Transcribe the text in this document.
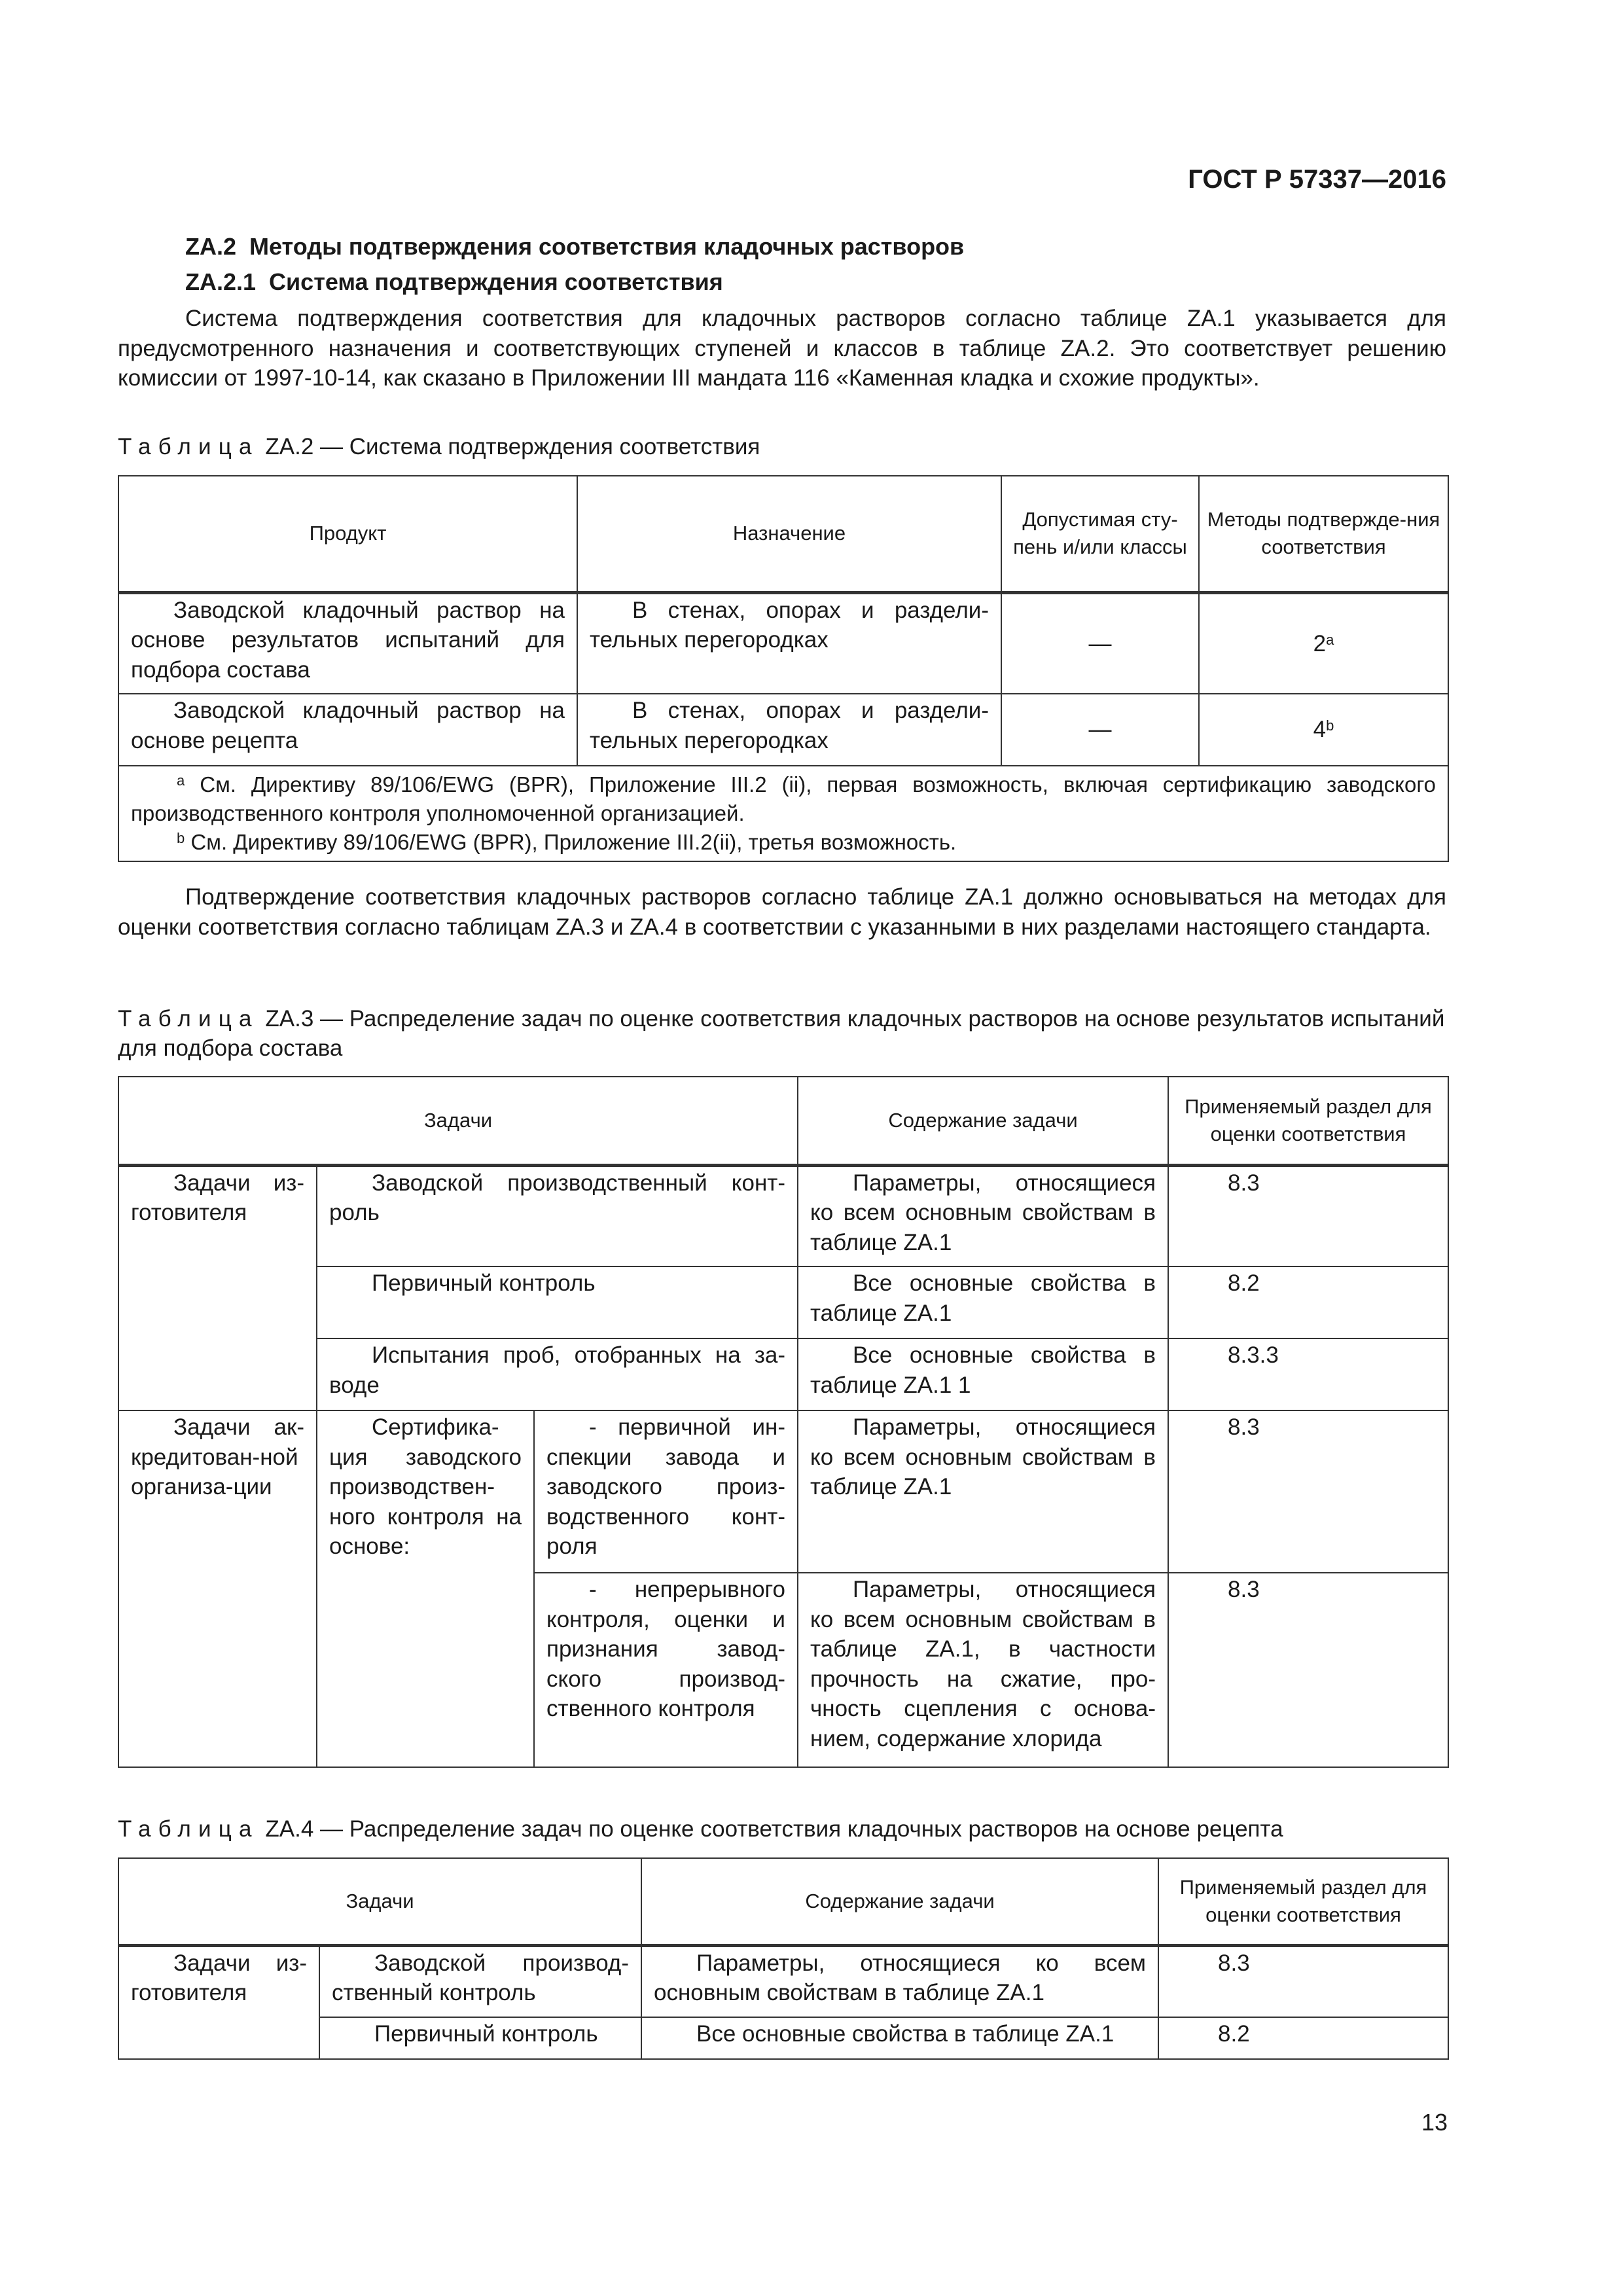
ГОСТ Р 57337—2016
ZA.2  Методы подтверждения соответствия кладочных растворов
ZA.2.1  Система подтверждения соответствия
Система подтверждения соответствия для кладочных растворов согласно таблице ZA.1 указывается для предусмотренного назначения и соответствующих ступеней и классов в таблице ZA.2. Это соответствует решению комиссии от 1997-10-14, как сказано в Приложении III мандата 116 «Каменная кладка и схожие продукты».
Таблица ZA.2 — Система подтверждения соответствия
Продукт	Назначение	Допустимая сту-пень и/или классы	Методы подтвержде-ния соответствия
Заводской кладочный раствор на основе результатов испытаний для подбора состава	В стенах, опорах и раздели-тельных перегородках	—	2$^a$
Заводской кладочный раствор на основе рецепта	В стенах, опорах и раздели-тельных перегородках	—	4$^b$

$^a$ См. Директиву 89/106/EWG (BPR), Приложение III.2 (ii), первая возможность, включая сертификацию заводского производственного контроля уполномоченной организацией.
$^b$ См. Директиву 89/106/EWG (BPR), Приложение III.2(ii), третья возможность.			
Подтверждение соответствия кладочных растворов согласно таблице ZA.1 должно основываться на методах для оценки соответствия согласно таблицам ZA.3 и ZA.4 в соответствии с указанными в них разделами настоящего стандарта.
Таблица ZA.3 — Распределение задач по оценке соответствия кладочных растворов на основе результатов испытаний для подбора состава
Задачи			Содержание задачи	Применяемый раздел для оценки соответствия
Задачи из-готовителя	Заводской производственный конт-роль		Параметры, относящиеся ко всем основным свойствам в таблице ZA.1	8.3
	Первичный контроль		Все основные свойства в таблице ZA.1	8.2
	Испытания проб, отобранных на за-воде		Все основные свойства в таблице ZA.1 1	8.3.3
Задачи ак-кредитован-ной организа-ции	Сертифика-ция заводского производствен-ного контроля на основе:	- первичной ин-спекции завода и заводского произ-водственного конт-роля	Параметры, относящиеся ко всем основным свойствам в таблице ZA.1	8.3
		- непрерывного контроля, оценки и признания завод-ского производ-ственного контроля	Параметры, относящиеся ко всем основным свойствам в таблице ZA.1, в частности прочность на сжатие, про-чность сцепления с основа-нием, содержание хлорида	8.3
Таблица ZA.4 — Распределение задач по оценке соответствия кладочных растворов на основе рецепта
Задачи		Содержание задачи	Применяемый раздел для оценки соответствия
Задачи из-готовителя	Заводской производ-ственный контроль	Параметры, относящиеся ко всем основным свойствам в таблице ZA.1	8.3
	Первичный контроль	Все основные свойства в таблице ZA.1	8.2
13
